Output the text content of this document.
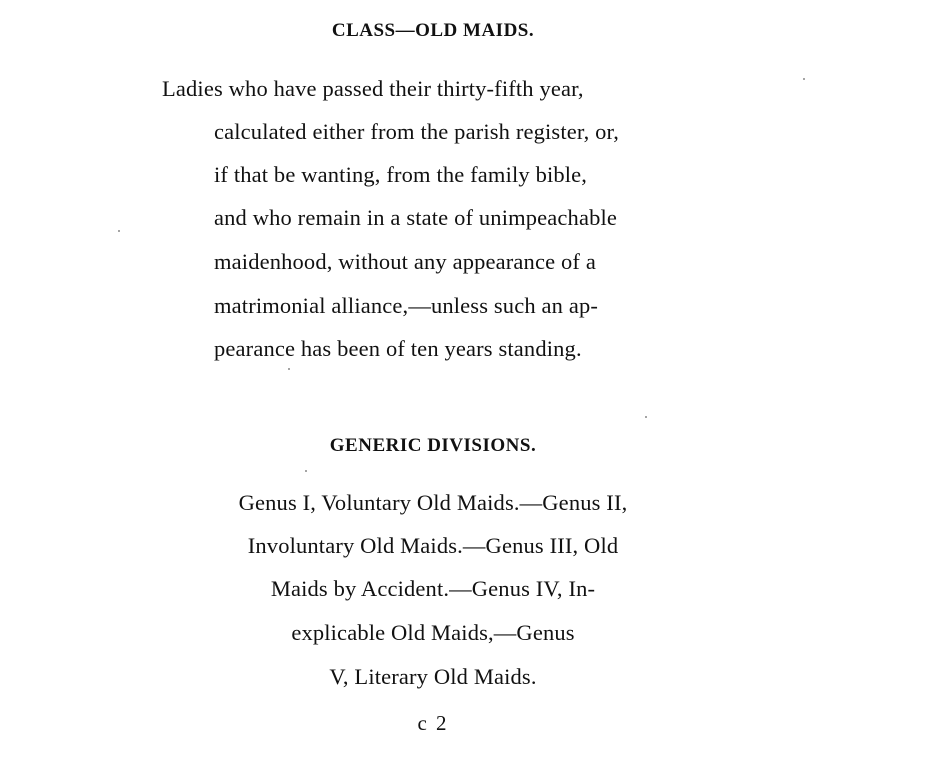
CLASS—OLD MAIDS.
Ladies who have passed their thirty-fifth year,
calculated either from the parish register, or,
if that be wanting, from the family bible,
and who remain in a state of unimpeachable
maidenhood, without any appearance of a
matrimonial alliance,—unless such an ap-
pearance has been of ten years standing.
GENERIC DIVISIONS.
Genus I, Voluntary Old Maids.—Genus II,
Involuntary Old Maids.—Genus III, Old
Maids by Accident.—Genus IV, In-
explicable Old Maids,—Genus
V, Literary Old Maids.
c 2
